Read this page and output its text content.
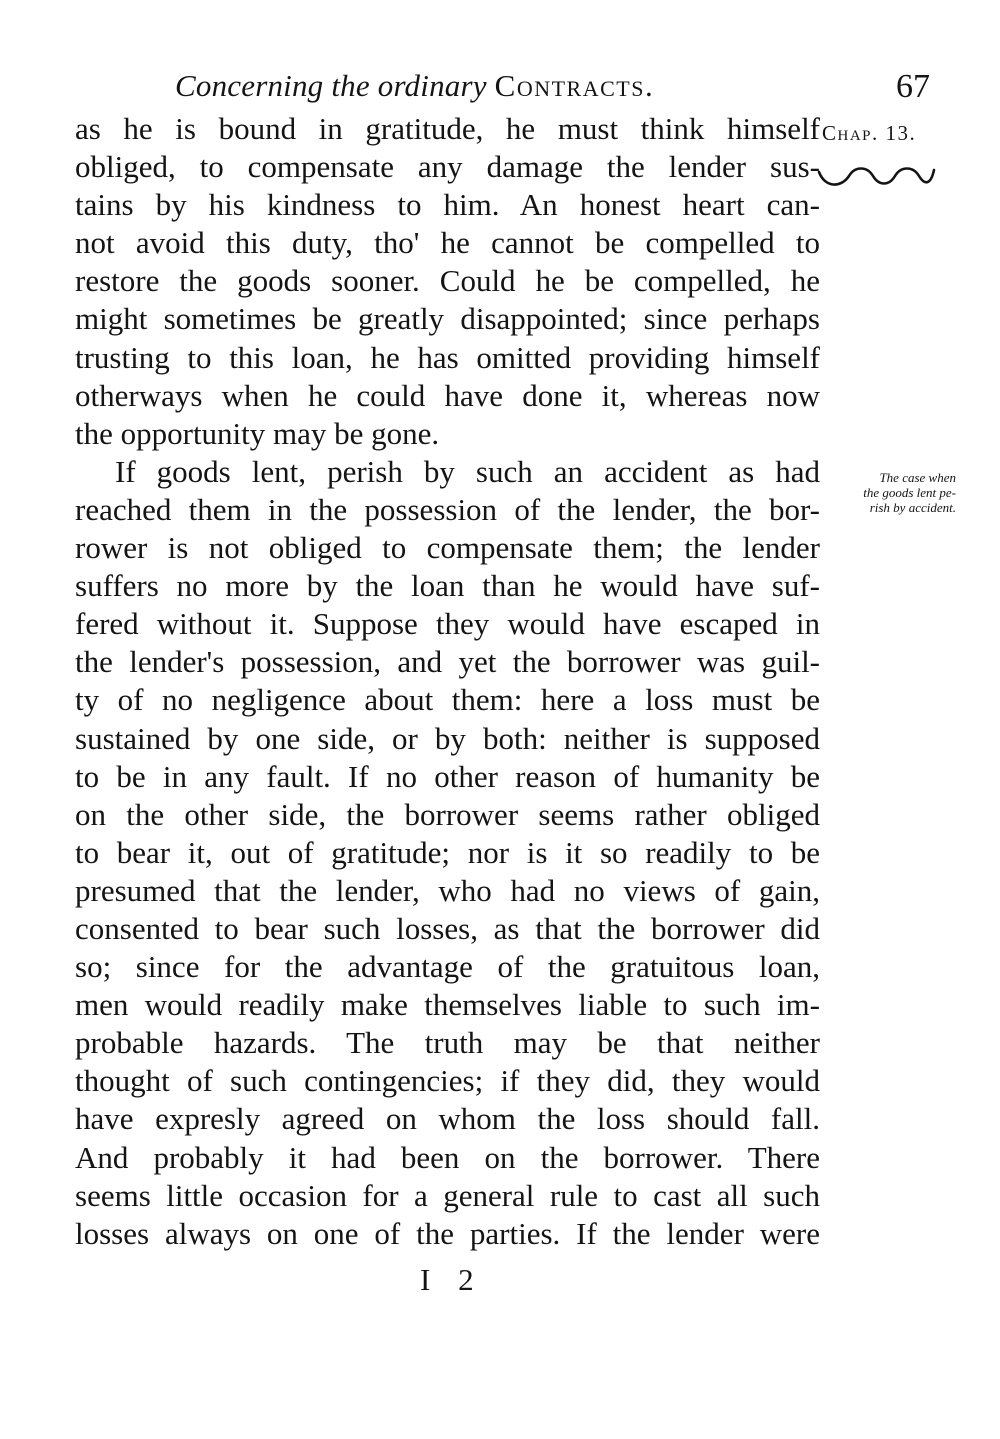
Concerning the ordinary Contracts.	67
Chap. 13.
The case when
the goods lent pe-
rish by accident.
as he is bound in gratitude, he must think himself
obliged, to compensate any damage the lender sus-
tains by his kindness to him. An honest heart can-
not avoid this duty, tho' he cannot be compelled to
restore the goods sooner. Could he be compelled, he
might sometimes be greatly disappointed; since perhaps
trusting to this loan, he has omitted providing himself
otherways when he could have done it, whereas now
the opportunity may be gone.
If goods lent, perish by such an accident as had
reached them in the possession of the lender, the bor-
rower is not obliged to compensate them; the lender
suffers no more by the loan than he would have suf-
fered without it. Suppose they would have escaped in
the lender's possession, and yet the borrower was guil-
ty of no negligence about them: here a loss must be
sustained by one side, or by both: neither is supposed
to be in any fault. If no other reason of humanity be
on the other side, the borrower seems rather obliged
to bear it, out of gratitude; nor is it so readily to be
presumed that the lender, who had no views of gain,
consented to bear such losses, as that the borrower did
so; since for the advantage of the gratuitous loan,
men would readily make themselves liable to such im-
probable hazards. The truth may be that neither
thought of such contingencies; if they did, they would
have expresly agreed on whom the loss should fall.
And probably it had been on the borrower. There
seems little occasion for a general rule to cast all such
losses always on one of the parties. If the lender were
I 2
